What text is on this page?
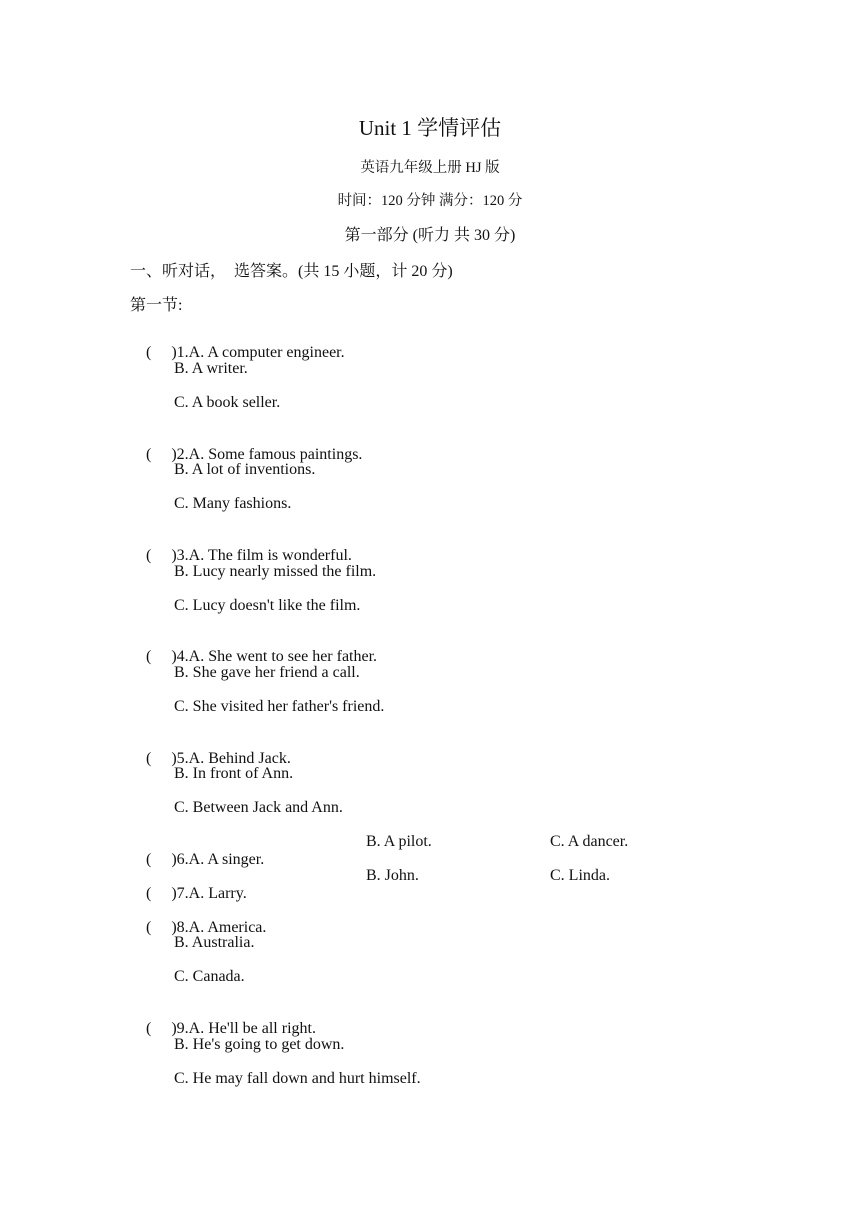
Unit 1 学情评估
英语九年级上册 HJ 版
时间：120 分钟 满分：120 分
第一部分 (听力 共 30 分)
一、听对话，  选答案。(共 15 小题，计 20 分)
第一节:

(     )1.A. A computer engineer.

B. A writer.
C. A book seller.

(     )2.A. Some famous paintings.

B. A lot of inventions.
C. Many fashions.

(     )3.A. The film is wonderful.

B. Lucy nearly missed the film.
C. Lucy doesn't like the film.

(     )4.A. She went to see her father.

B. She gave her friend a call.
C. She visited her father's friend.

(     )5.A. Behind Jack.

B. In front of Ann.
C. Between Jack and Ann.

(     )6.A. A singer.

B. A pilot.	C. A dancer.

(     )7.A. Larry.

B. John.	C. Linda.

(     )8.A. America.

B. Australia.
C. Canada.

(     )9.A. He'll be all right.

B. He's going to get down.
C. He may fall down and hurt himself.
